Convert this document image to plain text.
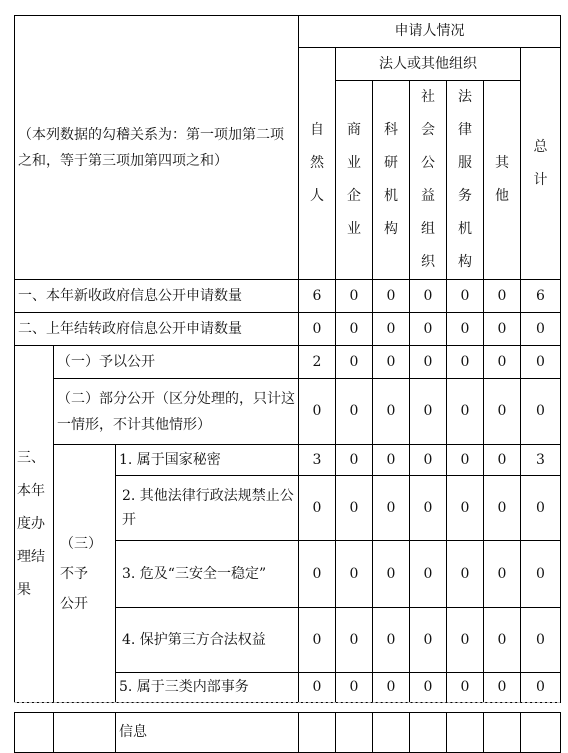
（本列数据的勾稽关系为：第一项加第二项之和，等于第三项加第四项之和）			申请人情况						

			自然人	法人或其他组织					总计

				商业企业	科研机构	社会公益组织	法律服务机构	其他	

一、本年新收政府信息公开申请数量			6	0	0	0	0	0	6
二、上年结转政府信息公开申请数量			0	0	0	0	0	0	0

三、本年度办理结果	（一）予以公开		2	0	0	0	0	0	0
	（二）部分公开（区分处理的，只计这一情形，不计其他情形）		0	0	0	0	0	0	0

	（三）不予公开	1. 属于国家秘密	3	0	0	0	0	0	3
		2. 其他法律行政法规禁止公开	0	0	0	0	0	0	0
		3. 危及“三安全一稳定”	0	0	0	0	0	0	0
		4. 保护第三方合法权益	0	0	0	0	0	0	0
		5. 属于三类内部事务	0	0	0	0	0	0	0
		信息							
